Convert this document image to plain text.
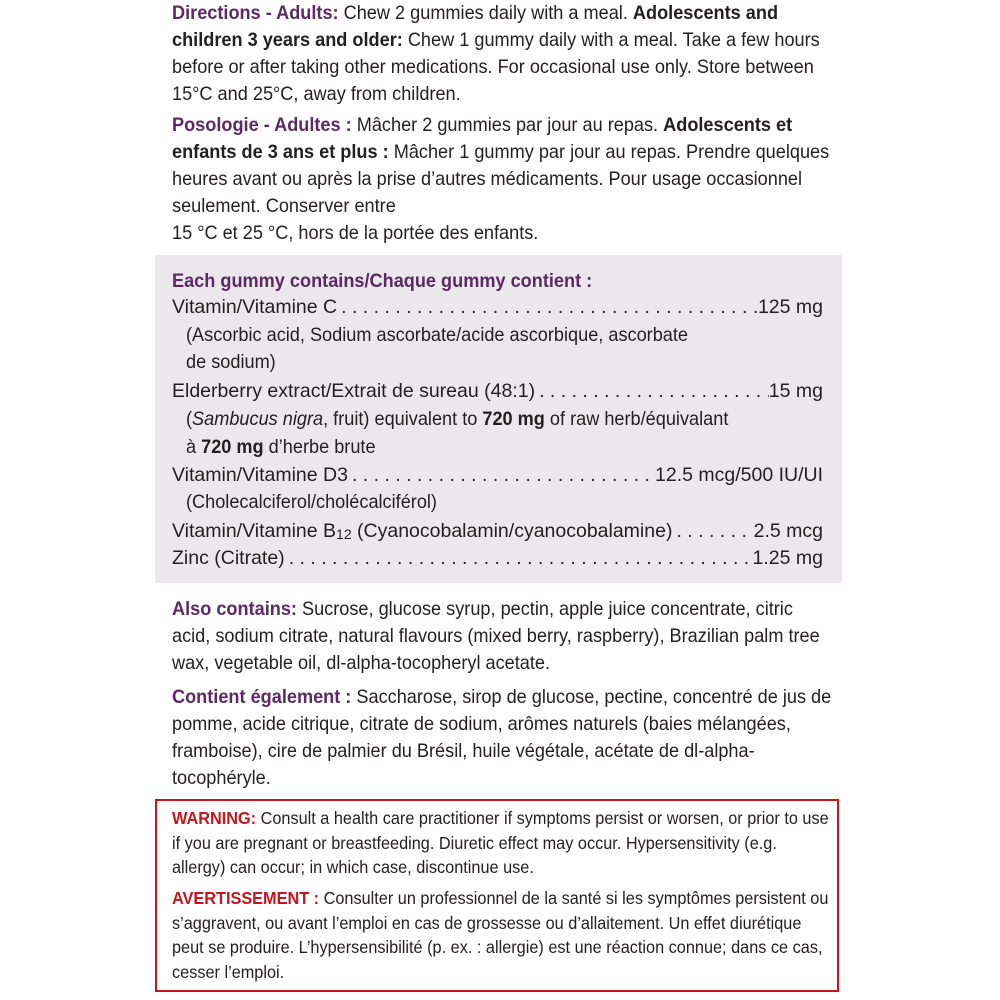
Directions - Adults: Chew 2 gummies daily with a meal. Adolescents and children 3 years and older: Chew 1 gummy daily with a meal. Take a few hours before or after taking other medications. For occasional use only. Store between 15°C and 25°C, away from children.

Posologie - Adultes : Mâcher 2 gummies par jour au repas. Adolescents et enfants de 3 ans et plus : Mâcher 1 gummy par jour au repas. Prendre quelques heures avant ou après la prise d’autres médicaments. Pour usage occasionnel seulement. Conserver entre
15 °C et 25 °C, hors de la portée des enfants.

Each gummy contains/Chaque gummy contient :
Vitamin/Vitamine C . . .	125 mg
(Ascorbic acid, Sodium ascorbate/acide ascorbique, ascorbate
de sodium)
Elderberry extract/Extrait de sureau (48:1) . . .	15 mg
(Sambucus nigra, fruit) equivalent to 720 mg of raw herb/équivalant
à 720 mg d’herbe brute
Vitamin/Vitamine D3 . . .	12.5 mcg/500 IU/UI
(Cholecalciferol/cholécalciférol)
Vitamin/Vitamine $B_{12}$ (Cyanocobalamin/cyanocobalamine) . . .	2.5 mcg
Zinc (Citrate) . . .	1.25 mg

Also contains: Sucrose, glucose syrup, pectin, apple juice concentrate, citric acid, sodium citrate, natural flavours (mixed berry, raspberry), Brazilian palm tree wax, vegetable oil, dl-alpha-tocopheryl acetate.

Contient également : Saccharose, sirop de glucose, pectine, concentré de jus de pomme, acide citrique, citrate de sodium, arômes naturels (baies mélangées, framboise), cire de palmier du Brésil, huile végétale, acétate de dl-alpha-tocophéryle.

WARNING: Consult a health care practitioner if symptoms persist or worsen, or prior to use if you are pregnant or breastfeeding. Diuretic effect may occur. Hypersensitivity (e.g. allergy) can occur; in which case, discontinue use.

AVERTISSEMENT : Consulter un professionnel de la santé si les symptômes persistent ou s’aggravent, ou avant l’emploi en cas de grossesse ou d’allaitement. Un effet diurétique peut se produire. L’hypersensibilité (p. ex. : allergie) est une réaction connue; dans ce cas, cesser l’emploi.
